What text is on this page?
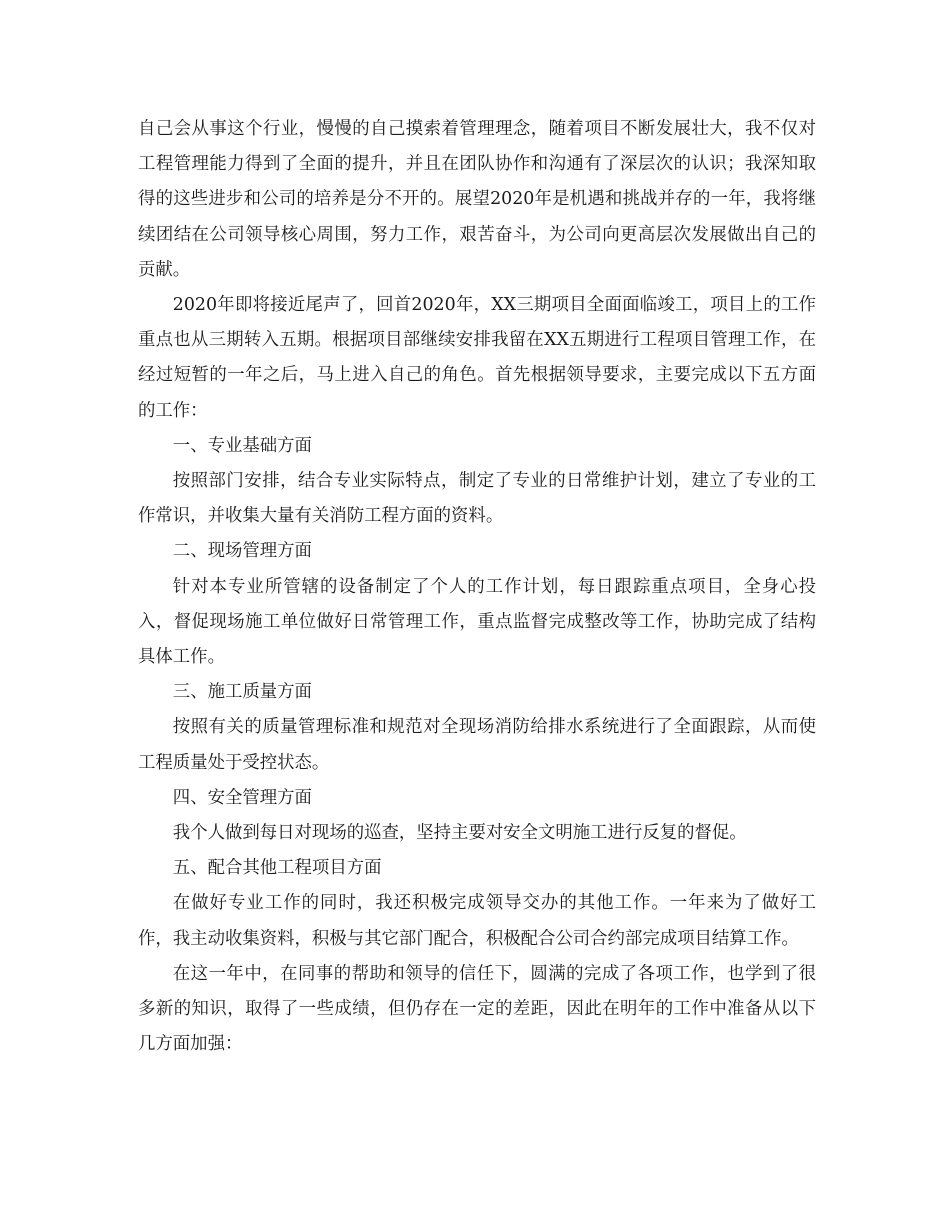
自己会从事这个行业，慢慢的自己摸索着管理理念，随着项目不断发展壮大，我不仅对工程管理能力得到了全面的提升，并且在团队协作和沟通有了深层次的认识；我深知取得的这些进步和公司的培养是分不开的。展望2020年是机遇和挑战并存的一年，我将继续团结在公司领导核心周围，努力工作，艰苦奋斗，为公司向更高层次发展做出自己的贡献。

2020年即将接近尾声了，回首2020年，XX三期项目全面面临竣工，项目上的工作重点也从三期转入五期。根据项目部继续安排我留在XX五期进行工程项目管理工作，在经过短暂的一年之后，马上进入自己的角色。首先根据领导要求，主要完成以下五方面的工作：

一、专业基础方面

按照部门安排，结合专业实际特点，制定了专业的日常维护计划，建立了专业的工作常识，并收集大量有关消防工程方面的资料。

二、现场管理方面

针对本专业所管辖的设备制定了个人的工作计划，每日跟踪重点项目，全身心投入，督促现场施工单位做好日常管理工作，重点监督完成整改等工作，协助完成了结构具体工作。

三、施工质量方面

按照有关的质量管理标准和规范对全现场消防给排水系统进行了全面跟踪，从而使工程质量处于受控状态。

四、安全管理方面

我个人做到每日对现场的巡查，坚持主要对安全文明施工进行反复的督促。

五、配合其他工程项目方面

在做好专业工作的同时，我还积极完成领导交办的其他工作。一年来为了做好工作，我主动收集资料，积极与其它部门配合，积极配合公司合约部完成项目结算工作。

在这一年中，在同事的帮助和领导的信任下，圆满的完成了各项工作，也学到了很多新的知识，取得了一些成绩，但仍存在一定的差距，因此在明年的工作中准备从以下几方面加强：
